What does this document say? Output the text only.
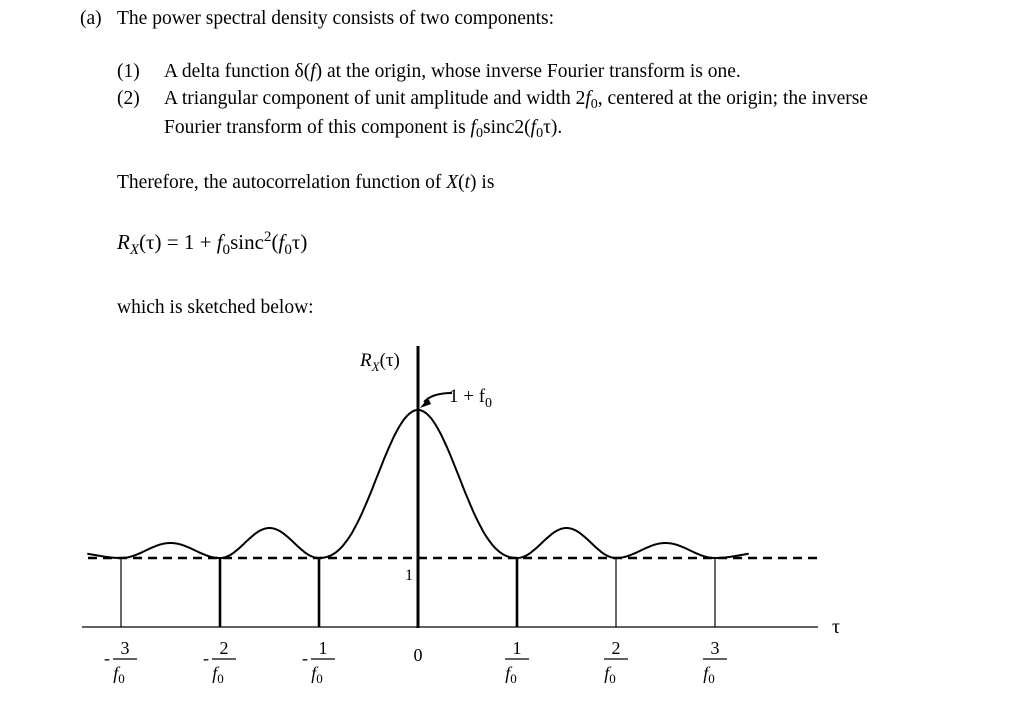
(a) The power spectral density consists of two components:
(1) A delta function δ(f) at the origin, whose inverse Fourier transform is one.
(2) A triangular component of unit amplitude and width $2f_0$, centered at the origin; the inverse
Fourier transform of this component is $f_0\sin c2(f_0\tau)$.
Therefore, the autocorrelation function of X(t) is
$R_X(\tau) = 1 + f_0\sin c^2(f_0\tau)$
which is sketched below:
$1 + f_0$
$R_X(\tau)$
1
τ
0
3
$f_0$
-	2
$f_0$
-	1
$f_0$
-	1
$f_0$
2
$f_0$
3
$f_0$
